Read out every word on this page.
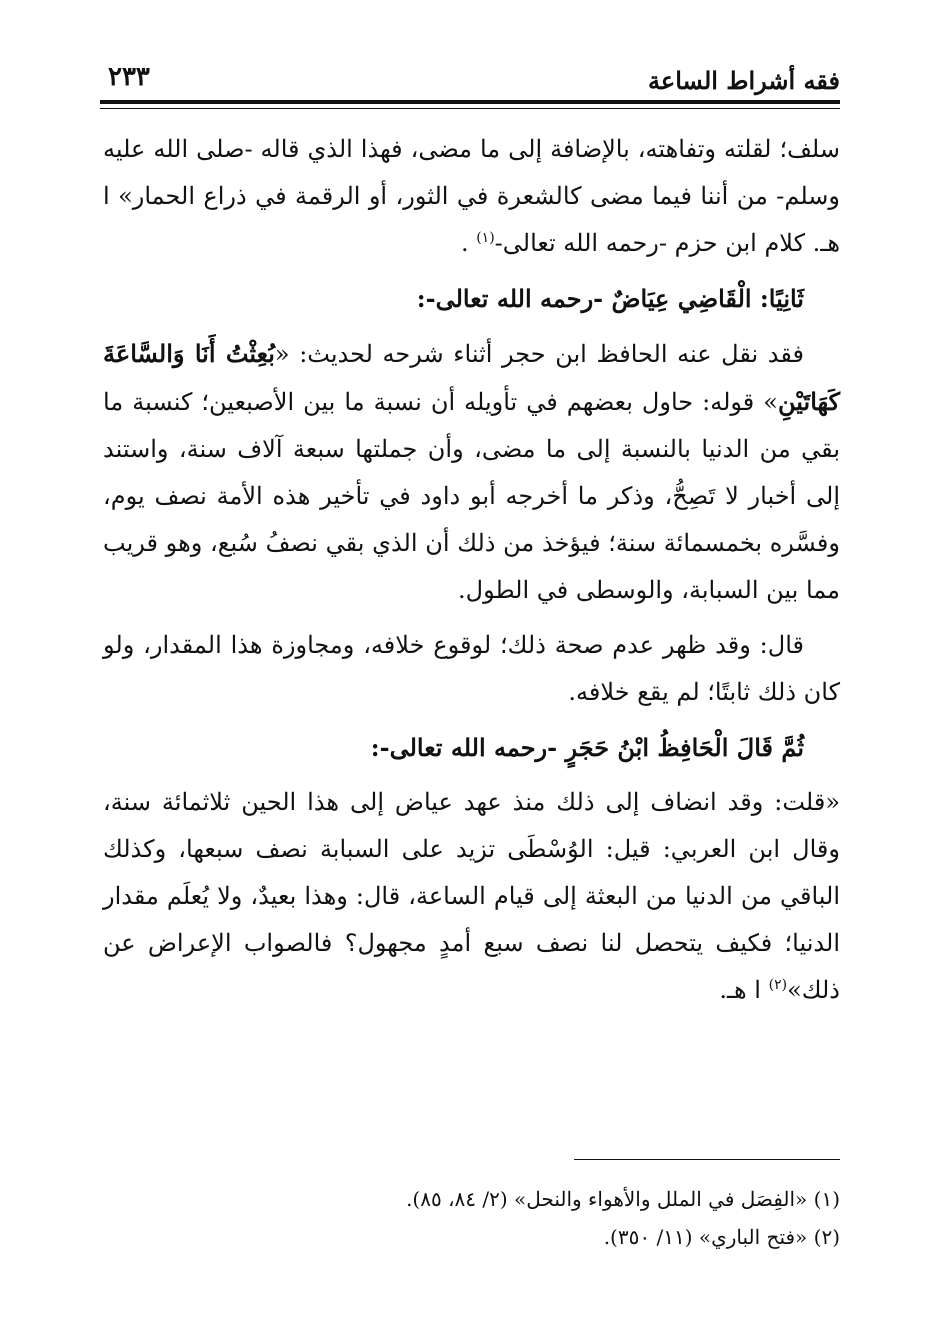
فقه أشراط الساعة
٢٣٣

سلف؛ لقلته وتفاهته، بالإضافة إلى ما مضى، فهذا الذي قاله -صلى الله عليه وسلم- من أننا فيما مضى كالشعرة في الثور، أو الرقمة في ذراع الحمار» ا هـ. كلام ابن حزم -رحمه الله تعالى-$^{(١)}$ .

ثَانِيًا: الْقَاضِي عِيَاضٌ -رحمه الله تعالى-:

فقد نقل عنه الحافظ ابن حجر أثناء شرحه لحديث: «بُعِثْتُ أَنَا وَالسَّاعَةَ كَهَاتَيْنِ» قوله: حاول بعضهم في تأويله أن نسبة ما بين الأصبعين؛ كنسبة ما بقي من الدنيا بالنسبة إلى ما مضى، وأن جملتها سبعة آلاف سنة، واستند إلى أخبار لا تَصِحُّ، وذكر ما أخرجه أبو داود في تأخير هذه الأمة نصف يوم، وفسَّره بخمسمائة سنة؛ فيؤخذ من ذلك أن الذي بقي نصفُ سُبع، وهو قريب مما بين السبابة، والوسطى في الطول.

قال: وقد ظهر عدم صحة ذلك؛ لوقوع خلافه، ومجاوزة هذا المقدار، ولو كان ذلك ثابتًا؛ لم يقع خلافه.

ثُمَّ قَالَ الْحَافِظُ ابْنُ حَجَرٍ -رحمه الله تعالى-:

«قلت: وقد انضاف إلى ذلك منذ عهد عياض إلى هذا الحين ثلاثمائة سنة، وقال ابن العربي: قيل: الوُسْطَى تزيد على السبابة نصف سبعها، وكذلك الباقي من الدنيا من البعثة إلى قيام الساعة، قال: وهذا بعيدٌ، ولا يُعلَم مقدار الدنيا؛ فكيف يتحصل لنا نصف سبع أمدٍ مجهول؟ فالصواب الإعراض عن ذلك»$^{(٢)}$ ا هـ.

(١) «الفِصَل في الملل والأهواء والنحل» (٢/ ٨٤، ٨٥).

(٢) «فتح الباري» (١١/ ٣٥٠).
